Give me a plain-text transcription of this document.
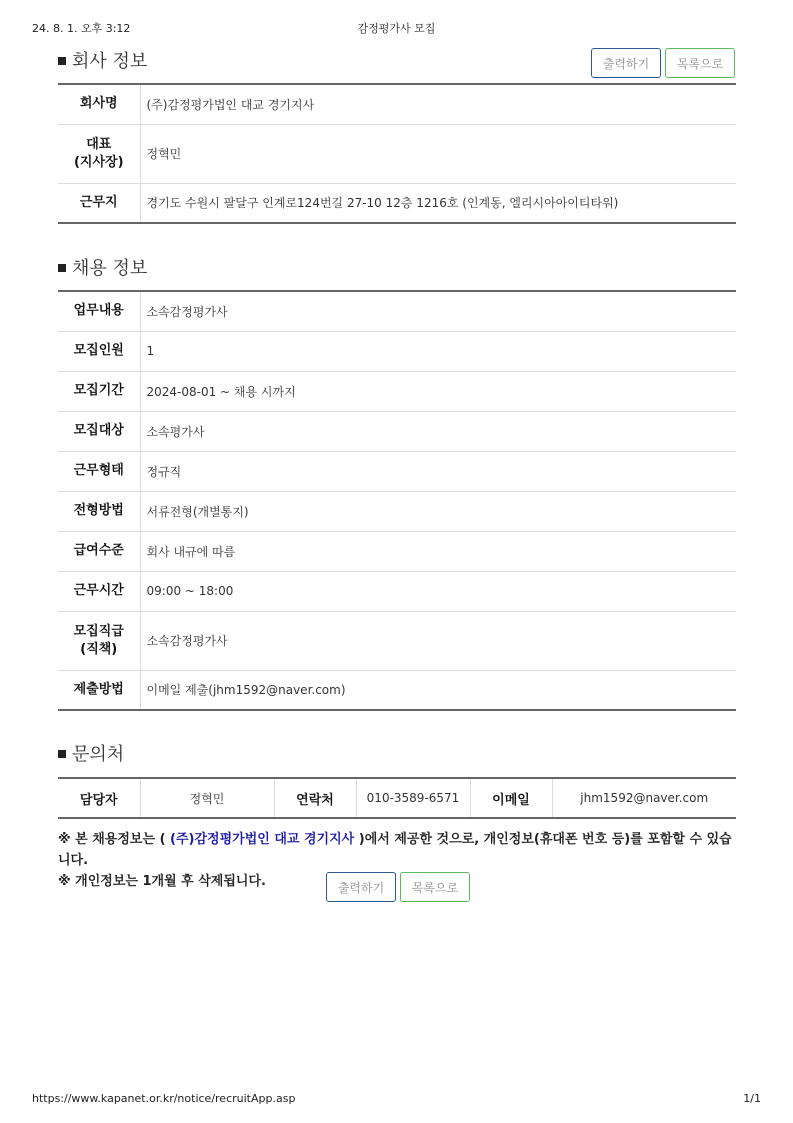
24. 8. 1. 오후 3:12	감정평가사 모집
회사 정보	출력하기	목록으로
회사명	(주)감정평가법인 대교 경기지사
대표
(지사장)	정혁민
근무지	경기도 수원시 팔달구 인계로124번길 27-10 12층 1216호 (인계동, 엘리시아아이티타워)
채용 정보
업무내용	소속감정평가사
모집인원	1
모집기간	2024-08-01 ~ 채용 시까지
모집대상	소속평가사
근무형태	정규직
전형방법	서류전형(개별통지)
급여수준	회사 내규에 따름
근무시간	09:00 ~ 18:00
모집직급
(직책)	소속감정평가사
제출방법	이메일 제출(jhm1592@naver.com)
문의처
담당자	정혁민	연락처	010-3589-6571	이메일	jhm1592@naver.com
※ 본 채용정보는 ( (주)감정평가법인 대교 경기지사 )에서 제공한 것으로, 개인정보(휴대폰 번호 등)를 포함할 수 있습니다.
※ 개인정보는 1개월 후 삭제됩니다.	출력하기	목록으로
https://www.kapanet.or.kr/notice/recruitApp.asp	1/1
